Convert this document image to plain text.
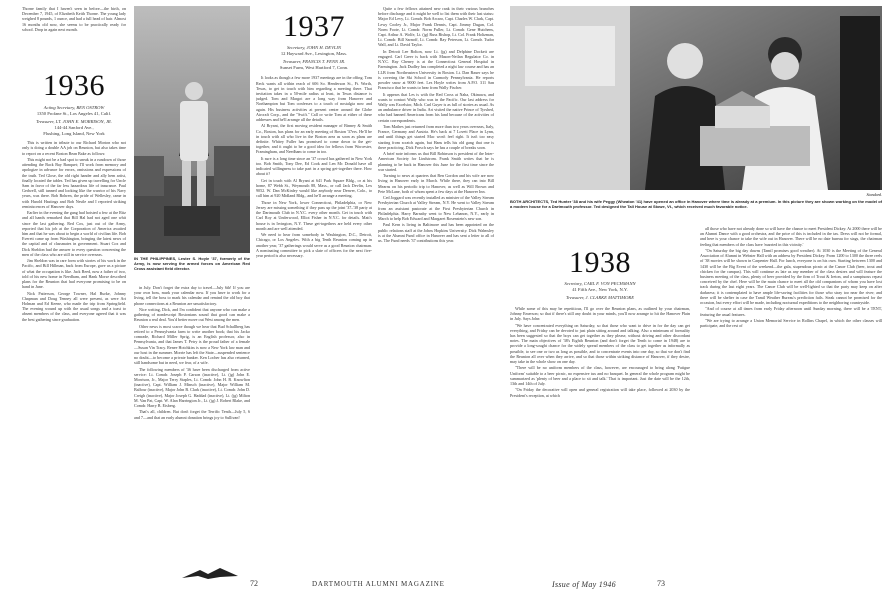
Thorne family that I haven't seen in before—the birth, on December 7, 1945, of Elizabeth Keith Thorne. The young lady weighed 8 pounds, 1 ounce, and had a full head of hair. Almost 16 months old now, she seems to be practically ready for school. Drop in again next month.

1936
Acting Secretary, BEN OSTROW
1350 Profane St., Los Angeles 41, Calif.
Treasurer, LT. JOHN E. MORRISON, JR.
144-44 Sanford Ave.,
Flushing, Long Island, New York

This is written in tribute to our Richard Morton who not only is doing a double AA job on Reunion, but also takes time to report on a recent Boston Bean Bake as follows:

This might not be a bad spot to sneak in a rundown of those attending the Back Bay Banquet; I'll work from memory and apologize in advance for errors, omissions and expressions of the truth. Ted Glose, the old right hander and ally hem artist, finally located the tables. Ted has given up travelling for Uncle Sam in favor of the far less hazardous life of insurance. Paul Gedwell, still tanned and looking like the warrior of his Navy years, was there. Bob Bohren, the pride of Wellesley, came in with Harold Hastings and Bob Nestle and I reported striking reminiscences of Hanover days.

Earlier in the evening the gang had hoisted a few at the Ritz and all hands remarked that Bill Hal had not aged one whit since the last gathering. Red Cox, just out of the Army, reported that his job at the Corporation of America awaited him and that he was about to begin a world of civilian life. Bob Everett came up from Washington, bringing the latest news of the capital and of classmates in government. Stuart Cox and Dick Sheldon had the answer to every question concerning the men of the class who are still in service overseas.

Jim Sheldon was in rare form with stories of his work in the Pacific, and Bill Hillman, back from Europe, gave us a picture of what the occupation is like. Jack Reed, now a father of two, told of his new home in Needham, and Hank Morse described plans for the Reunion that had everyone promising to be on hand in June.

Nick Patterson, George Towner, Hal Burke, Johnny Chapman and Doug Tenney all were present, as were Art Holman and Ed Keene, who made the trip from Springfield. The evening wound up with the usual songs and a toast to absent members of the class, and everyone agreed that it was the best gathering since graduation.

IN THE PHILIPPINES, Lester S. Hoyle '37, formerly of the Army, is now serving the armed forces on American Red Cross assistant field director.

in July. Don't forget the extra day to travel—July 6th! If you are your own boss, mark your calendar now. If you have to work for a living, tell the boss to mark his calendar and remind the old boy that phone connections at a Reunion are unsatisfactory.

Nice writing, Dick, and I'm confident that anyone who can make a gathering of nondescript Bostonians sound that good can make a Reunion a real deal. You'd better move out West among the men.

Other news is most scarce though we hear that Bud Schallberg has retired to a Pennsylvania farm to write another book; that his Jacko comrade, Richard Miller Sprig, is an English professor, also in Pennsylvania, and that James T. Petry is the proud father of a female—Susan Vin Tracy. Renee Hotchkiss is now a New York law man and our host in the summer. Morrie has left the State—suspended sentence no doubt—to become a private banker. Ken Locher has also returned, still handsome but in need, we fear, of a wife.

The following members of '36 have been discharged from active service: Lt. Comdr. Joseph P. Carson (inactive), Lt. (jg) John E. Morrison, Jr., Major Terry Staples, Lt. Comdr. John H. B. Knowlton (inactive), Capt. William J. Minsch (inactive), Major William M. Balfour (inactive), Major John B. Clark (inactive), Lt. Comdr. John D. Creigh (inactive), Major Joseph G. Haddad (inactive), Lt. (jg) Milton M. Van Pat, Capt. W. Alan Harrington Jr., Lt. (jg) J. Robert Blake, and Comdr. Harry B. Eisberg.

That's all, children. But don't forget the Terrific Tenth—July 5, 6 and 7—and that an early alumni donation brings joy to Sullivan!

1937
Secretary, JOHN H. DEVLIN
12 Hayward Ave., Lexington, Mass.
Treasurer, FRANCIS T. FENN JR.
Sunset Farm, West Hartford 7, Conn.

It looks as though a few more 1937 meetings are in the offing. Tom Reck wants all within reach of 606 So. Henderson St., Ft. Worth, Texas, to get in touch with him regarding a meeting there. That invitation takes in a 50-mile radius at least, in Texas distance is judged. Tom and Margot are a long way from Hanover and Northampton but Tom confesses to a touch of nostalgia now and again. His business activities at present center around the Globe Aircraft Corp., and the "Swift." Call or write Tom at either of these addresses and he'll arrange all the details.

Al Bryant, the first moving resident manager of Binney & Smith Co., Boston, has plans for an early meeting of Boston '37ers. He'll be in touch with all who live in the Boston area as soon as plans are definite. Whitey Fuller has promised to come down to the get-together, and it ought to be a good idea for fellows from Worcester, Framingham, and Needham to come in too.

It sure is a long time since an '37 crowd has gathered in New York too. Bob Smith, Tony Dee, Ed Cook and Len Mc Donald have all indicated willingness to take part in a spring get-together there. How about it?

Get in touch with Al Bryant at 641 Park Square Bldg., or at his home, 87 Webb St., Weymouth 88, Mass., or call Jack Devlin, Lex 9052. W. Dan McKinley would like anybody near Denver, Colo., to call him at 920 Midland Bldg., and he'll arrange a meeting.

Those in New York, lower Connecticut, Philadelphia, or New Jersey are missing something if they pass up the joint '37–'38 party at the Dartmouth Club in N.Y.C. every other month. Get in touch with Carl Roy at Underwood, Elliot Fisher in N.Y.C. for details. Matt's house is in Irvington, N.Y. These get-togethers are held every other month and are well attended.

We need to hear from somebody in Washington, D.C., Detroit, Chicago, or Los Angeles. With a big Tenth Reunion coming up in another year, '37 gatherings would serve as a good Reunion chairman. A nominating committee to pick a slate of officers for the next five-year period is also necessary.

Quite a few fellows attained new rank in their various branches before discharge and it might be well to list them with their last status: Major Ed Levy, Lt. Comdr. Bob Arcaro, Capt. Charles W. Clark, Capt. Lewy Cooley Jr., Major Frank Dennis, Capt. Jimmy Dugan, Col. Norm Foote, Lt. Comdr. Norm Fuller, Lt. Comdr. Gene Hutchens, Capt. Arthur A. Wolfe, Lt. (jg) Russ Bishop, Lt. Col. Frank Holtzman, Lt. Comdr. Bill Sarnoff, Lt. Comdr. Ray Peterson, Lt. Comdr. Tudor Wall, and Lt. David Taylor.

In Detroit Lee Bolton, now Lt. (jg) and Delphine Dockett are engaged. Carl Greer is back with Mason-Neilan Regulator Co. in N.Y.C. Ray Cheney is at the Connecticut General Hospital in Farmington. Jack Dudley has completed a night law course and has an LLB from Northeastern University in Boston. Lt. Dan Bauer says he is covering the Ski School in Carmody Pennsylvania. He reports powder snow at 9000 feet. Les Hoyle writes from A.P.O. 311 San Francisco that he wants to hear from Wally Fischer.

It appears that Les is with the Red Cross at Naha, Okinawa, and wants to contact Wally who was in the Pacific. Our last address for Wally was Excelsior, Mich. Carl Guyer is as full of stories as usual. As an ambulance driver in India. Art visited the native Prince of Tyrshed, who had banned Americans from his land because of the activities of certain correspondents.

Tom Mathes just returned from more than two years overseas, Italy, France, Germany and Austria. He's back at 7 Lovett Place in Lynn, and until things get started Mac won't feel right. It isn't too easy starting from scratch again, but Hans tells his old gang that one is there practicing. Dick Forsch says he has a couple of breaks soon.

A brief note informs us that Bill Robinson is president of the Inter-American Society for Lindstrom. Frank Smith writes that he is planning to be back in Hanover this June for the first time since the war started.

Turning to news at quarters that Ben Gordon and his wife are now living in Hanover early in March. While there, they ran into Bill Mearns on his periodic trip to Hanover, as well as Will Brown and Pete McLane, both of whom spent a few days at the Hanover Inn.

Ced Joggard was recently installed as minister of the Valley Stream Presbyterian Church at Valley Stream, N.Y. He went to Valley Stream from an assistant pastorate at the First Presbyterian Church in Philadelphia. Harry Barnaby went to New Lebanon, N.Y., early in March to help Bob Edward and Margaret Rosenstein's new son.

Paul Kern is living in Baltimore and has been appointed on the public relations staff at the Johns Hopkins University. Dick Walmsley is at the Alumni Fund office in Hanover and has sent a letter to all of us. The Fund needs '37 contributions this year.

Standard.
BOTH ARCHITECTS, Ted Hunter '38 and his wife Peggy (Wheaton '41) have opened an office in Hanover where time is already at a premium. In this picture they are shown working on the model of a modern house for a Dartmouth professor. Ted designed the Tall House at Stowe, Vt., which received much favorable notice.
1938
Secretary, CARL F. VON PECHMANN
41 Fifth Ave., New York, N.Y.
Treasurer, J. CLARKE MATTIMORE

While some of this may be repetitious, I'll go over the Reunion plans, as outlined by your chairman, Johnny Emerson; so that if there's still any doubt in your minds, you'll now arrange to hit the Hanover Plain in July. Says John:

"We have concentrated everything on Saturday, so that those who want to drive in for the day can get everything, and Friday can be devoted to just plain sitting around and talking. Also a minimum of formality has been suggested so that the boys can get together as they please, without driving and other discordant notes. The main objectives of '38's Eighth Reunion (and don't forget the Tenth to come in 1948) are to provide a long-sought chance for the widely spread members of the class to get together as informally as possible, to see one or two as long as possible, and to concentrate events into one day, so that we don't find the Reunion all over when they arrive, and so that those within striking distance of Hanover, if they desire, may take in the whole show on one day.

"There will be no uniform members of the class, however, are encouraged to bring along 'Fatigue Uniform' suitable to a beer picnic, no expensive tux and no banquet. In general the whole program might be summarized as 'plenty of beer and a place to sit and talk.' That is important. Just the date will be the 12th, 13th and 14th of July.

"On Friday the decorative will open and general registration will take place, followed at 2030 by the President's reception, at which

all those who have not already done so will have the chance to meet President Dickey. At 2000 there will be an Alumni Dance with a good orchestra, and the price of this is included in the tax. Dress will not be formal, and here is your chance to take the wife out in Hanover. There will be no date bureau for stags, the chairman feeling that members of the class have 'married in this vicinity.'

"On Saturday the big day dawns (Tamil promises good weather). At 1030 is the Meeting of the General Association of Alumni in Webster Hall with an address by President Dickey. From 1200 to 1300 the three reels of '38 movies will be shown in Carpenter Hall. For lunch, everyone is on his own. Starting between 1300 and 1430 will be the Big Event of the weekend—the gala, stupendous picnic at the Canoe Club (beer, trout and chicken for the campus). This will continue as late as any member of the class desires and will feature the business meeting of the class, plenty of beer provided by the firm of Trout & Ireton, and a sumptuous repast conceived by the chef. Here will be the main chance to meet all the old companions of whom you have lost track during the last eight years. The Canoe Club will be well-lighted so that the party may keep on after darkness; it is contemplated to have ample life-saving facilities for those who stray too near the river; and there will be shelter in case the Tamil Weather Bureau's prediction fails. Steak cannot be promised for the occasion, but every effort will be made, including nocturnal expeditions to the neighboring countryside.

"And of course at all times from early Friday afternoon until Sunday morning, there will be a TENT, featuring the usual features.

"We are trying to arrange a Union Memorial Service in Rollins Chapel, in which the other classes will participate, and the rest of

72	DARTMOUTH ALUMNI MAGAZINE	Issue of May 1946	73
